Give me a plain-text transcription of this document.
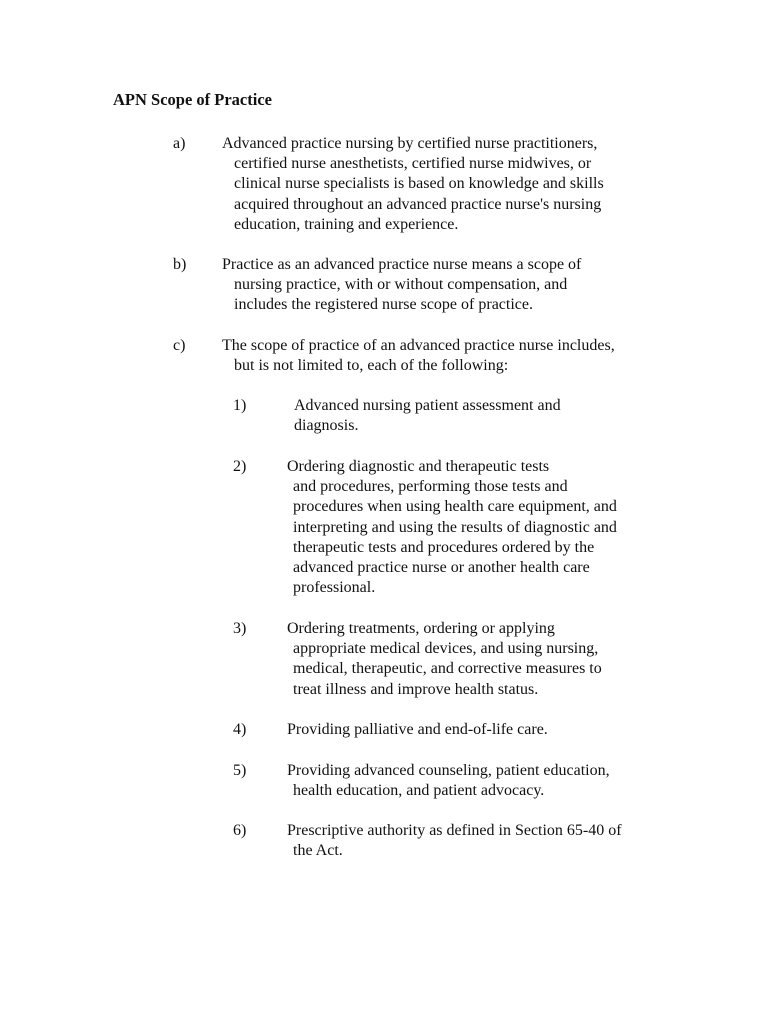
APN Scope of Practice
a) Advanced practice nursing by certified nurse practitioners,
certified nurse anesthetists, certified nurse midwives, or
clinical nurse specialists is based on knowledge and skills
acquired throughout an advanced practice nurse's nursing
education, training and experience.
b) Practice as an advanced practice nurse means a scope of
nursing practice, with or without compensation, and
includes the registered nurse scope of practice.
c) The scope of practice of an advanced practice nurse includes,
but is not limited to, each of the following:
1)	Advanced nursing patient assessment and
diagnosis.
2)	Ordering diagnostic and therapeutic tests
and procedures, performing those tests and
procedures when using health care equipment, and
interpreting and using the results of diagnostic and
therapeutic tests and procedures ordered by the
advanced practice nurse or another health care
professional.
3)	Ordering treatments, ordering or applying
appropriate medical devices, and using nursing,
medical, therapeutic, and corrective measures to
treat illness and improve health status.
4)	Providing palliative and end-of-life care.
5)	Providing advanced counseling, patient education,
health education, and patient advocacy.
6)	Prescriptive authority as defined in Section 65-40 of
the Act.
